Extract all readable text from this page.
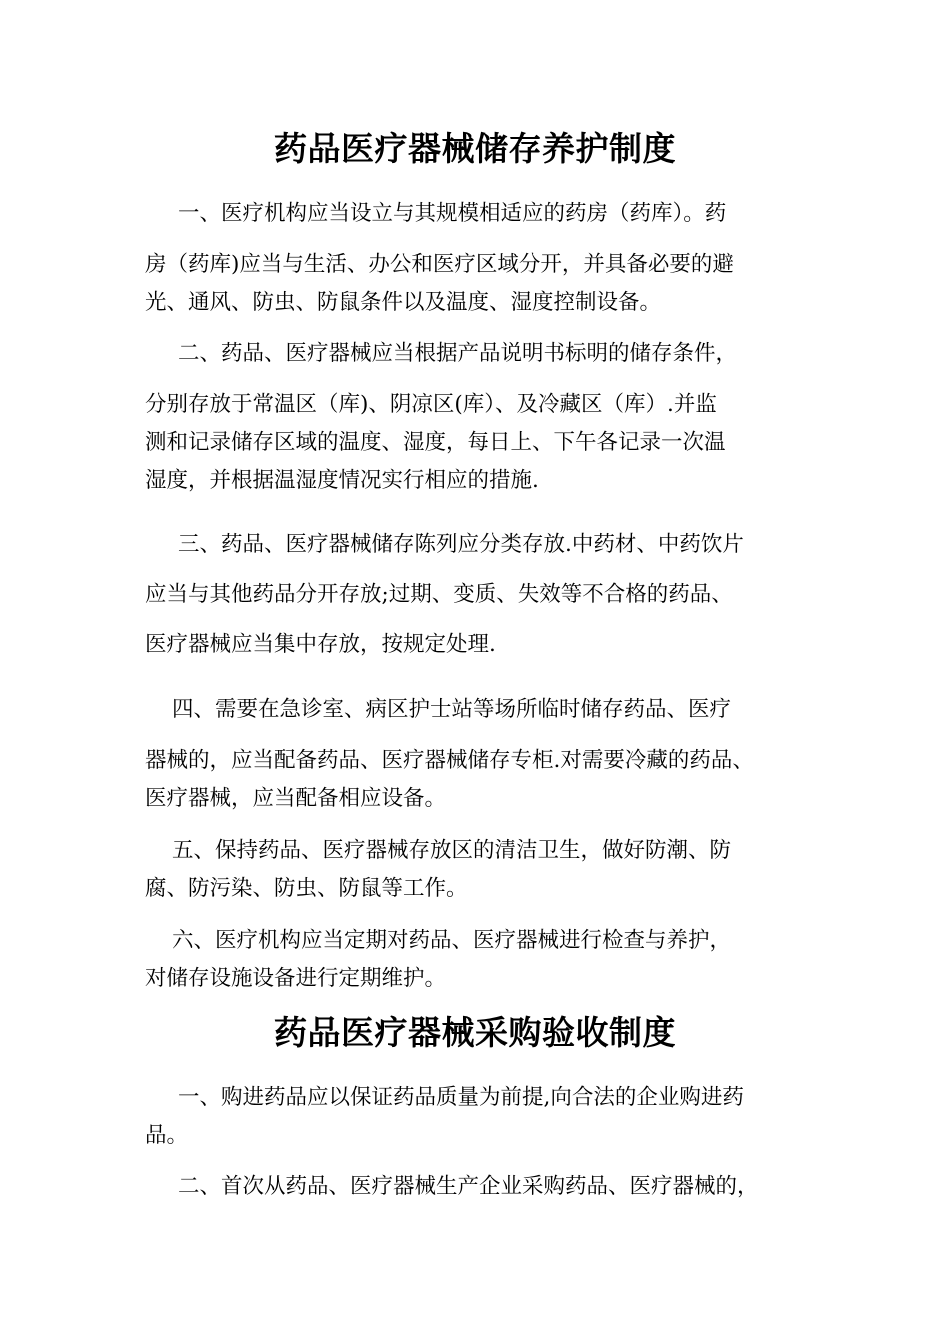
药品医疗器械储存养护制度
一、医疗机构应当设立与其规模相适应的药房（药库）。药
房（药库)应当与生活、办公和医疗区域分开，并具备必要的避
光、通风、防虫、防鼠条件以及温度、湿度控制设备。
二、药品、医疗器械应当根据产品说明书标明的储存条件，
分别存放于常温区（库)、阴凉区(库）、及冷藏区（库）.并监
测和记录储存区域的温度、湿度，每日上、下午各记录一次温
湿度，并根据温湿度情况实行相应的措施.
三、药品、医疗器械储存陈列应分类存放.中药材、中药饮片
应当与其他药品分开存放;过期、变质、失效等不合格的药品、
医疗器械应当集中存放，按规定处理.
四、需要在急诊室、病区护士站等场所临时储存药品、医疗
器械的，应当配备药品、医疗器械储存专柜.对需要冷藏的药品、
医疗器械，应当配备相应设备。
五、保持药品、医疗器械存放区的清洁卫生，做好防潮、防
腐、防污染、防虫、防鼠等工作。
六、医疗机构应当定期对药品、医疗器械进行检查与养护，
对储存设施设备进行定期维护。
药品医疗器械采购验收制度
一、购进药品应以保证药品质量为前提,向合法的企业购进药
品。
二、首次从药品、医疗器械生产企业采购药品、医疗器械的，
